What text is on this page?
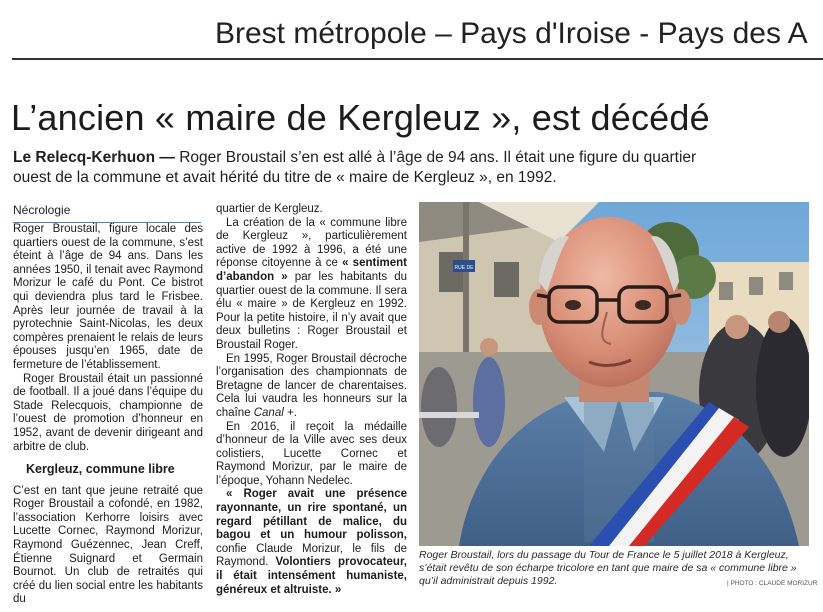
Brest métropole – Pays d'Iroise - Pays des A
L’ancien « maire de Kergleuz », est décédé
Le Relecq-Kerhuon — Roger Broustail s’en est allé à l’âge de 94 ans. Il était une figure du quartier ouest de la commune et avait hérité du titre de « maire de Kergleuz », en 1992.
Nécrologie

Roger Broustail, figure locale des quartiers ouest de la commune, s’est éteint à l’âge de 94 ans. Dans les années 1950, il tenait avec Raymond Morizur le café du Pont. Ce bistrot qui deviendra plus tard le Frisbee. Après leur journée de travail à la pyrotechnie Saint-Nicolas, les deux compères prenaient le relais de leurs épouses jusqu’en 1965, date de fermeture de l’établissement.

Roger Broustail était un passionné de football. Il a joué dans l’équipe du Stade Relecquois, championne de l’ouest de promotion d’honneur en 1952, avant de devenir dirigeant and arbitre de club.

Kergleuz, commune libre

C’est en tant que jeune retraité que Roger Broustail a cofondé, en 1982, l’association Kerhorre loisirs avec Lucette Cornec, Raymond Morizur, Raymond Guézennec, Jean Creff, Étienne Suignard et Germain Bournot. Un club de retraités qui créé du lien social entre les habitants du

quartier de Kergleuz.

La création de la « commune libre de Kergleuz », particulièrement active de 1992 à 1996, a été une réponse citoyenne à ce « sentiment d’abandon » par les habitants du quartier ouest de la commune. Il sera élu « maire » de Kergleuz en 1992. Pour la petite histoire, il n’y avait que deux bulletins : Roger Broustail et Broustail Roger.

En 1995, Roger Broustail décroche l’organisation des championnats de Bretagne de lancer de charentaises. Cela lui vaudra les honneurs sur la chaîne Canal +.

En 2016, il reçoit la médaille d’honneur de la Ville avec ses deux colistiers, Lucette Cornec et Raymond Morizur, par le maire de l’époque, Yohann Nedelec.

« Roger avait une présence rayonnante, un rire spontané, un regard pétillant de malice, du bagou et un humour polisson, confie Claude Morizur, le fils de Raymond. Volontiers provocateur, il était intensément humaniste, généreux et altruiste. »

RUE DE
Roger Broustail, lors du passage du Tour de France le 5 juillet 2018 à Kergleuz, s’était revêtu de son écharpe tricolore en tant que maire de sa « commune libre » qu’il administrait depuis 1992.	| PHOTO : CLAUDE MORIZUR
